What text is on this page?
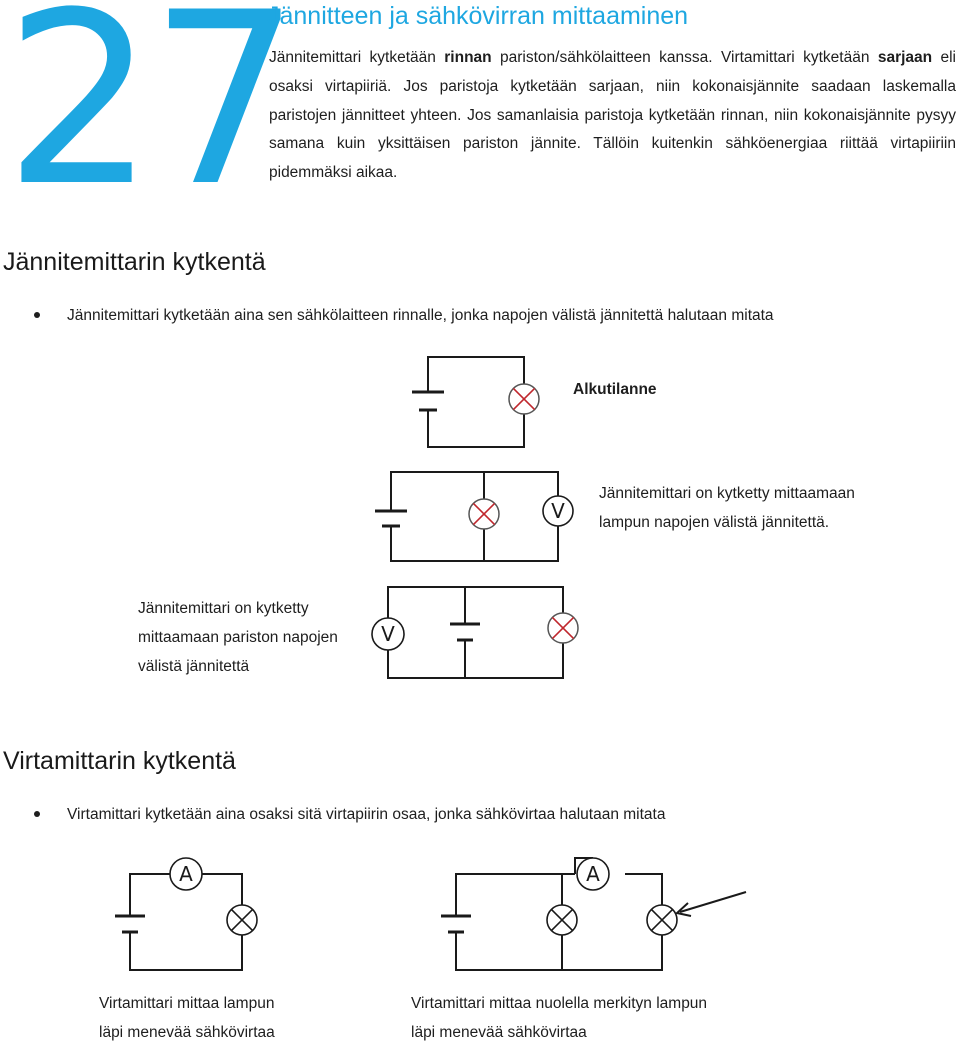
27
Jännitteen ja sähkövirran mittaaminen
Jännitemittari kytketään rinnan pariston/sähkölaitteen kanssa. Virtamittari kytketään sarjaan eli osaksi virtapiiriä. Jos paristoja kytketään sarjaan, niin kokonaisjännite saadaan laskemalla paristojen jännitteet yhteen. Jos samanlaisia paristoja kytketään rinnan, niin kokonaisjännite pysyy samana kuin yksittäisen pariston jännite. Tällöin kuitenkin sähköenergiaa riittää virtapiiriin pidemmäksi aikaa.
Jännitemittarin kytkentä
Jännitemittari kytketään aina sen sähkölaitteen rinnalle, jonka napojen välistä jännitettä halutaan mitata
Alkutilanne
V
Jännitemittari on kytketty mittaamaan
lampun napojen välistä jännitettä.
Jännitemittari on kytketty
mittaamaan pariston napojen
välistä jännitettä
V
Virtamittarin kytkentä
Virtamittari kytketään aina osaksi sitä virtapiirin osaa, jonka sähkövirtaa halutaan mitata
A	A
Virtamittari mittaa lampun
läpi menevää sähkövirtaa
Virtamittari mittaa nuolella merkityn lampun
läpi menevää sähkövirtaa
